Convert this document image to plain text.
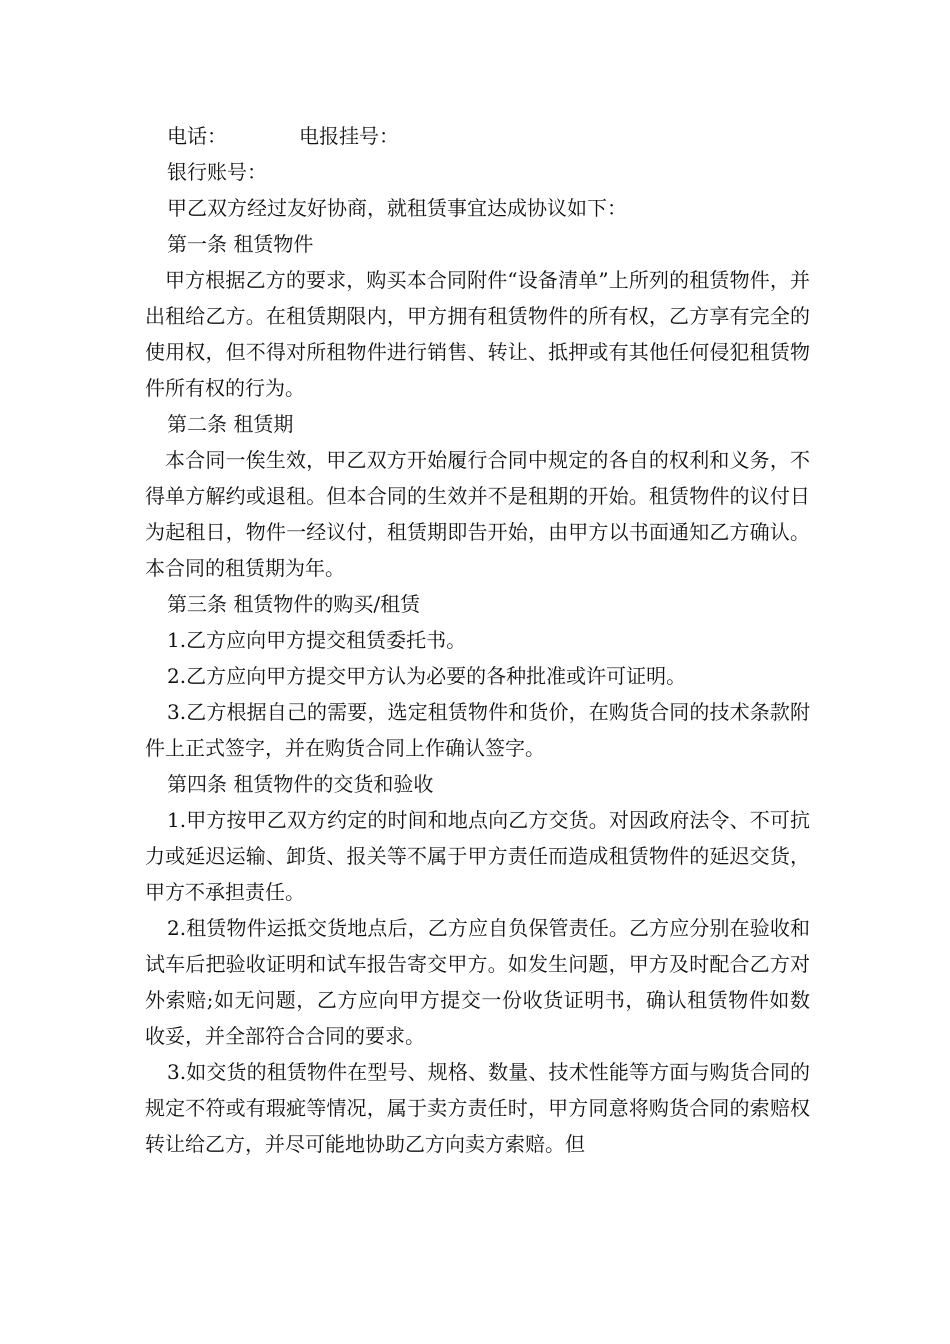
电话：	电报挂号：

银行账号：

甲乙双方经过友好协商，就租赁事宜达成协议如下：

第一条 租赁物件

甲方根据乙方的要求，购买本合同附件“设备清单”上所列的租赁物件，并出租给乙方。在租赁期限内，甲方拥有租赁物件的所有权，乙方享有完全的使用权，但不得对所租物件进行销售、转让、抵押或有其他任何侵犯租赁物件所有权的行为。

第二条 租赁期

本合同一俟生效，甲乙双方开始履行合同中规定的各自的权利和义务，不得单方解约或退租。但本合同的生效并不是租期的开始。租赁物件的议付日为起租日，物件一经议付，租赁期即告开始，由甲方以书面通知乙方确认。本合同的租赁期为年。

第三条 租赁物件的购买/租赁

1.乙方应向甲方提交租赁委托书。

2.乙方应向甲方提交甲方认为必要的各种批准或许可证明。

3.乙方根据自己的需要，选定租赁物件和货价，在购货合同的技术条款附件上正式签字，并在购货合同上作确认签字。

第四条 租赁物件的交货和验收

1.甲方按甲乙双方约定的时间和地点向乙方交货。对因政府法令、不可抗力或延迟运输、卸货、报关等不属于甲方责任而造成租赁物件的延迟交货，甲方不承担责任。

2.租赁物件运抵交货地点后，乙方应自负保管责任。乙方应分别在验收和试车后把验收证明和试车报告寄交甲方。如发生问题，甲方及时配合乙方对外索赔;如无问题，乙方应向甲方提交一份收货证明书，确认租赁物件如数收妥，并全部符合合同的要求。

3.如交货的租赁物件在型号、规格、数量、技术性能等方面与购货合同的规定不符或有瑕疵等情况，属于卖方责任时，甲方同意将购货合同的索赔权转让给乙方，并尽可能地协助乙方向卖方索赔。但
